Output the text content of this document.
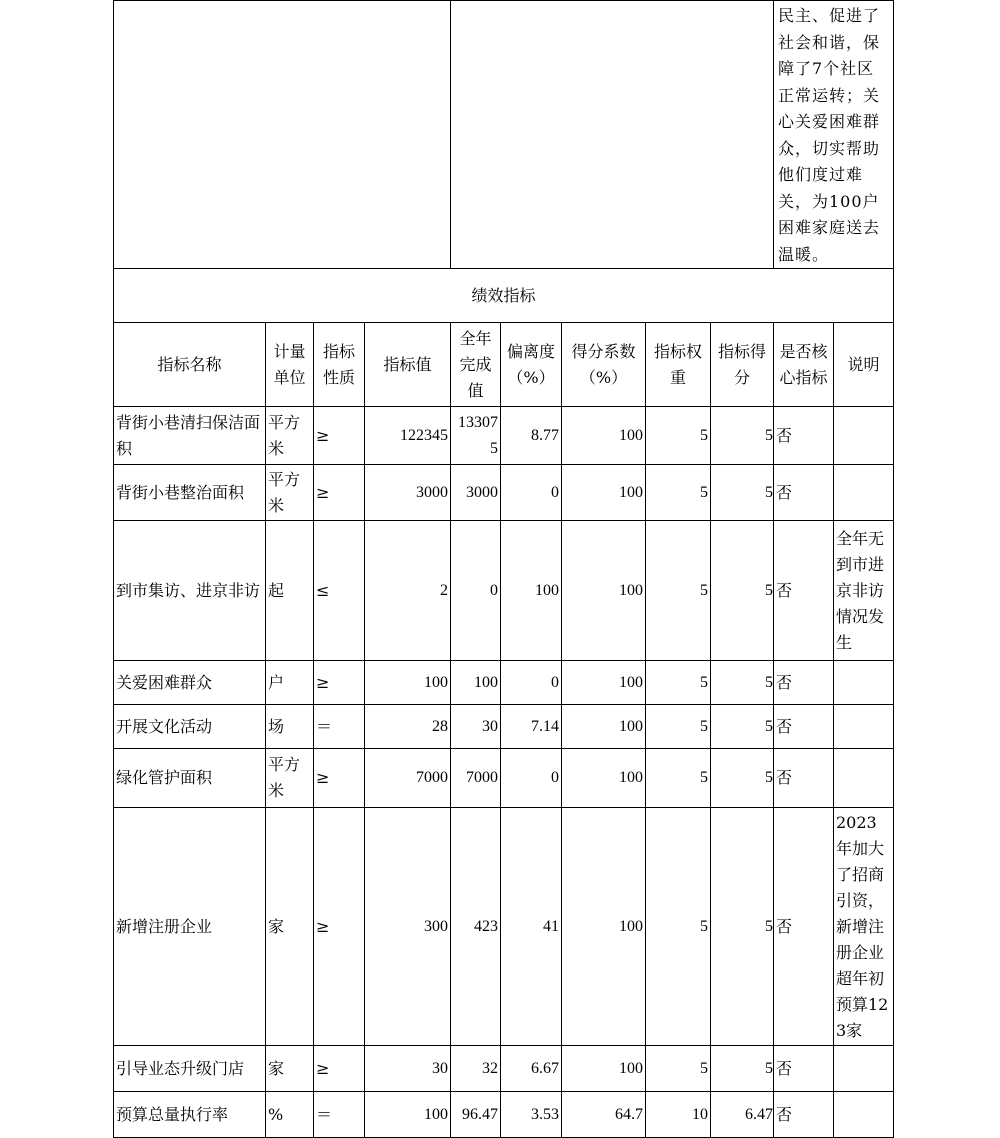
									民主、促进了社会和谐，保障了7个社区正常运转；关心关爱困难群众，切实帮助他们度过难关，为100户困难家庭送去温暖。	
绩效指标										
指标名称	计量单位	指标性质	指标值	全年完成值	偏离度（%）	得分系数（%）	指标权重	指标得分	是否核心指标	说明
背街小巷清扫保洁面积	平方米	≥	122345	133075	8.77	100	5	5	否	
背街小巷整治面积	平方米	≥	3000	3000	0	100	5	5	否	
到市集访、进京非访	起	≤	2	0	100	100	5	5	否	全年无到市进京非访情况发生
关爱困难群众	户	≥	100	100	0	100	5	5	否	
开展文化活动	场	＝	28	30	7.14	100	5	5	否	
绿化管护面积	平方米	≥	7000	7000	0	100	5	5	否	
新增注册企业	家	≥	300	423	41	100	5	5	否	2023年加大了招商引资，新增注册企业超年初预算123家
引导业态升级门店	家	≥	30	32	6.67	100	5	5	否	
预算总量执行率	%	＝	100	96.47	3.53	64.7	10	6.47	否	
